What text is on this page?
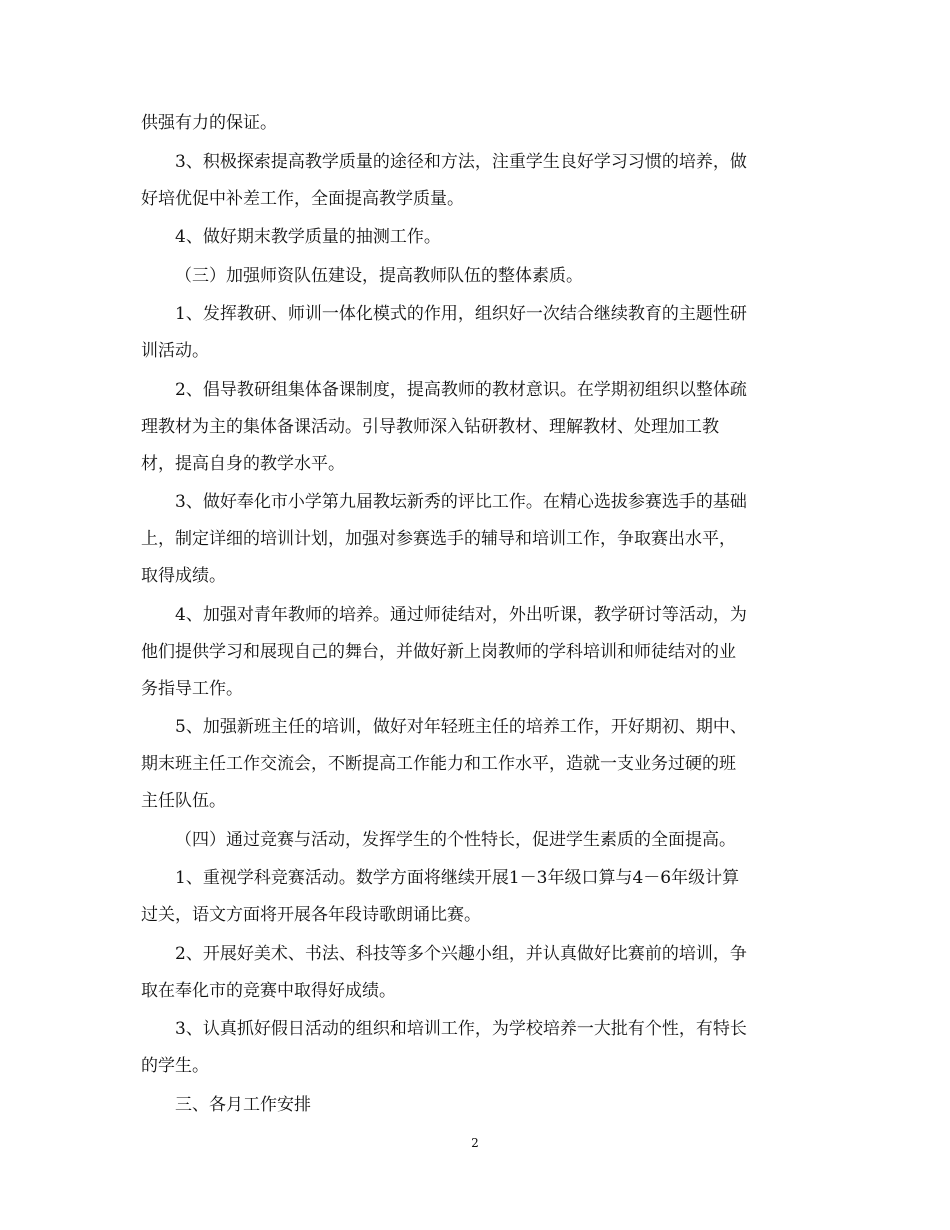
供强有力的保证。

3、积极探索提高教学质量的途径和方法，注重学生良好学习习惯的培养，做

好培优促中补差工作，全面提高教学质量。

4、做好期末教学质量的抽测工作。

（三）加强师资队伍建设，提高教师队伍的整体素质。

1、发挥教研、师训一体化模式的作用，组织好一次结合继续教育的主题性研

训活动。

2、倡导教研组集体备课制度，提高教师的教材意识。在学期初组织以整体疏

理教材为主的集体备课活动。引导教师深入钻研教材、理解教材、处理加工教

材，提高自身的教学水平。

3、做好奉化市小学第九届教坛新秀的评比工作。在精心选拔参赛选手的基础

上，制定详细的培训计划，加强对参赛选手的辅导和培训工作，争取赛出水平，

取得成绩。

4、加强对青年教师的培养。通过师徒结对，外出听课，教学研讨等活动，为

他们提供学习和展现自己的舞台，并做好新上岗教师的学科培训和师徒结对的业

务指导工作。

5、加强新班主任的培训，做好对年轻班主任的培养工作，开好期初、期中、

期末班主任工作交流会，不断提高工作能力和工作水平，造就一支业务过硬的班

主任队伍。

（四）通过竞赛与活动，发挥学生的个性特长，促进学生素质的全面提高。

1、重视学科竞赛活动。数学方面将继续开展1－3年级口算与4－6年级计算

过关，语文方面将开展各年段诗歌朗诵比赛。

2、开展好美术、书法、科技等多个兴趣小组，并认真做好比赛前的培训，争

取在奉化市的竞赛中取得好成绩。

3、认真抓好假日活动的组织和培训工作，为学校培养一大批有个性，有特长

的学生。

三、各月工作安排

2
